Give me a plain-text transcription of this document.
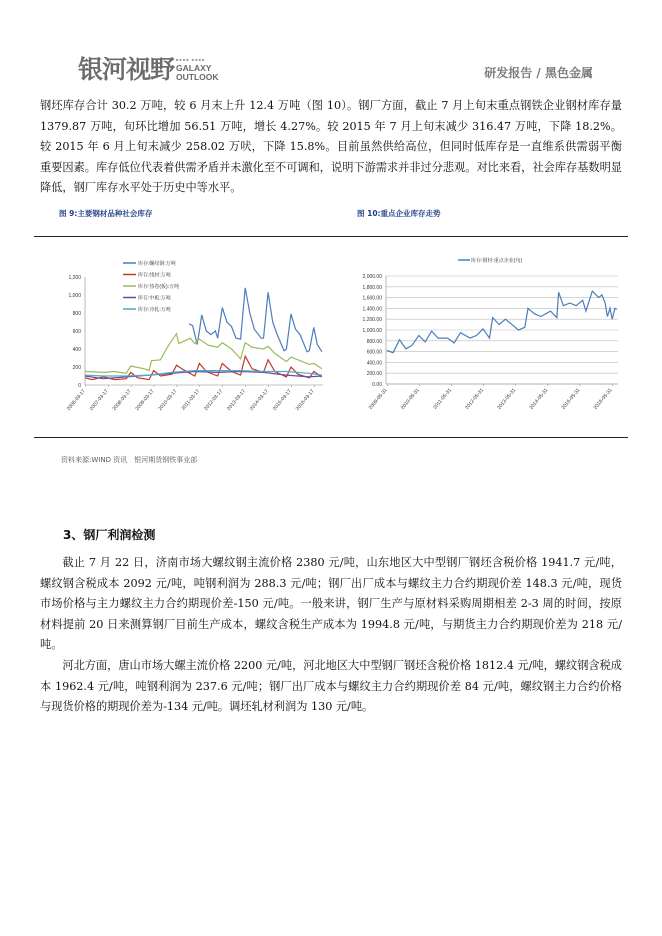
银河视野 ■■■■ ■■■■
GALAXY
OUTLOOK	研发报告 / 黑色金属
钢坯库存合计 30.2 万吨，较 6 月末上升 12.4 万吨（图 10）。钢厂方面，截止 7 月上旬末重点钢铁企业钢材库存量 1379.87 万吨，旬环比增加 56.51 万吨，增长 4.27%。较 2015 年 7 月上旬末减少 316.47 万吨，下降 18.2%。较 2015 年 6 月上旬末减少 258.02 万吠，下降 15.8%。目前虽然供给高位，但同时低库存是一直维系供需弱平衡重要因素。库存低位代表着供需矛盾并未激化至不可调和，说明下游需求并非过分悲观。对比来看，社会库存基数明显降低，钢厂库存水平处于历史中等水平。
图 9:主要钢材品种社会库存	图 10:重点企业库存走势
0
200
400
600
800
1,000
1,200
2006-03-17 2007-03-17 2008-03-17 2009-03-17 2010-03-17 2011-03-17 2012-03-17 2013-03-17 2014-03-17 2015-03-17 2016-03-17
库存:螺纹钢:万吨
库存:线材:万吨
库存:热卷(板):万吨
库存:中板:万吨
库存:冷轧:万吨
0.00
200.00
400.00
600.00
800.00
1,000.00
1,200.00
1,400.00
1,600.00
1,800.00
2,000.00
2009-05-31 2010-05-31 2011-05-31 2012-05-31 2013-05-31 2014-05-31 2015-05-31 2016-05-31
库存:钢材:重点企业(旬)
资料来源:WIND 资讯　银河期货钢铁事业部
3、钢厂利润检测
截止 7 月 22 日，济南市场大螺纹钢主流价格 2380 元/吨，山东地区大中型钢厂钢坯含税价格 1941.7 元/吨，螺纹钢含税成本 2092 元/吨，吨钢利润为 288.3 元/吨；钢厂出厂成本与螺纹主力合约期现价差 148.3 元/吨，现货市场价格与主力螺纹主力合约期现价差-150 元/吨。一般来讲，钢厂生产与原材料采购周期相差 2-3 周的时间，按原材料提前 20 日来测算钢厂目前生产成本，螺纹含税生产成本为 1994.8 元/吨，与期货主力合约期现价差为 218 元/吨。
河北方面，唐山市场大螺主流价格 2200 元/吨，河北地区大中型钢厂钢坯含税价格 1812.4 元/吨，螺纹钢含税成本 1962.4 元/吨，吨钢利润为 237.6 元/吨；钢厂出厂成本与螺纹主力合约期现价差 84 元/吨，螺纹钢主力合约价格与现货价格的期现价差为-134 元/吨。调坯轧材利润为 130 元/吨。
